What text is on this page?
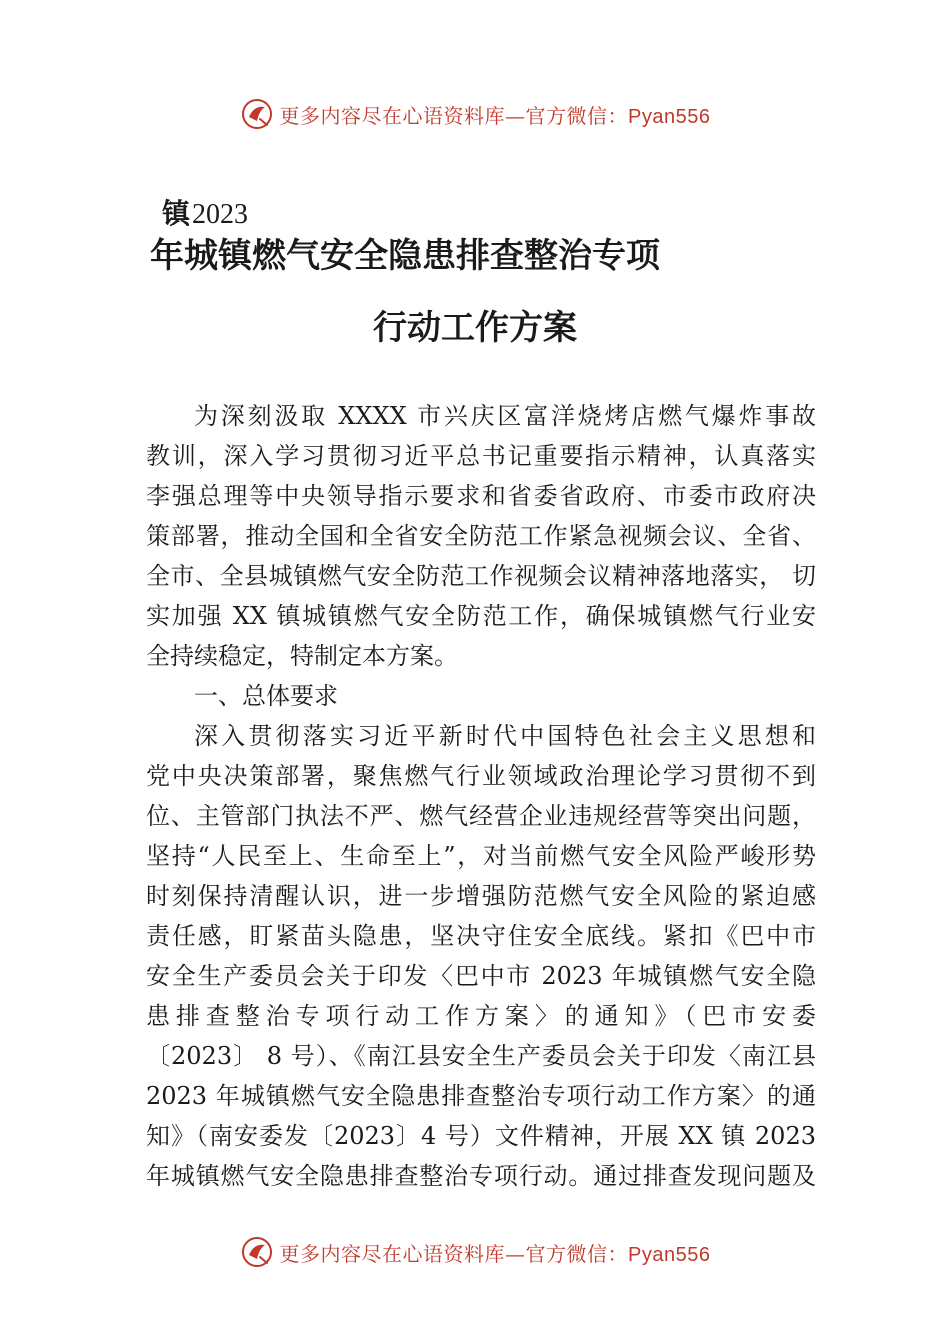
更多内容尽在心语资料库—官方微信：Pyan556
镇2023
年城镇燃气安全隐患排查整治专项
行动工作方案
为深刻汲取 XXXX 市兴庆区富洋烧烤店燃气爆炸事故
教训，深入学习贯彻习近平总书记重要指示精神，认真落实
李强总理等中央领导指示要求和省委省政府、市委市政府决
策部署，推动全国和全省安全防范工作紧急视频会议、全省、
全市、全县城镇燃气安全防范工作视频会议精神落地落实， 切
实加强 XX 镇城镇燃气安全防范工作，确保城镇燃气行业安
全持续稳定，特制定本方案。
一、总体要求
深入贯彻落实习近平新时代中国特色社会主义思想和
党中央决策部署，聚焦燃气行业领域政治理论学习贯彻不到
位、主管部门执法不严、燃气经营企业违规经营等突出问题，
坚持“人民至上、生命至上”，对当前燃气安全风险严峻形势
时刻保持清醒认识，进一步增强防范燃气安全风险的紧迫感
责任感，盯紧苗头隐患，坚决守住安全底线。紧扣《巴中市
安全生产委员会关于印发〈巴中市 2023 年城镇燃气安全隐
患排查整治专项行动工作方案〉的通知》（巴市安委
〔2023〕 8 号）、《南江县安全生产委员会关于印发〈南江县
2023 年城镇燃气安全隐患排查整治专项行动工作方案〉的通
知》（南安委发〔2023〕4 号）文件精神，开展 XX 镇 2023
年城镇燃气安全隐患排查整治专项行动。通过排查发现问题及
更多内容尽在心语资料库—官方微信：Pyan556
